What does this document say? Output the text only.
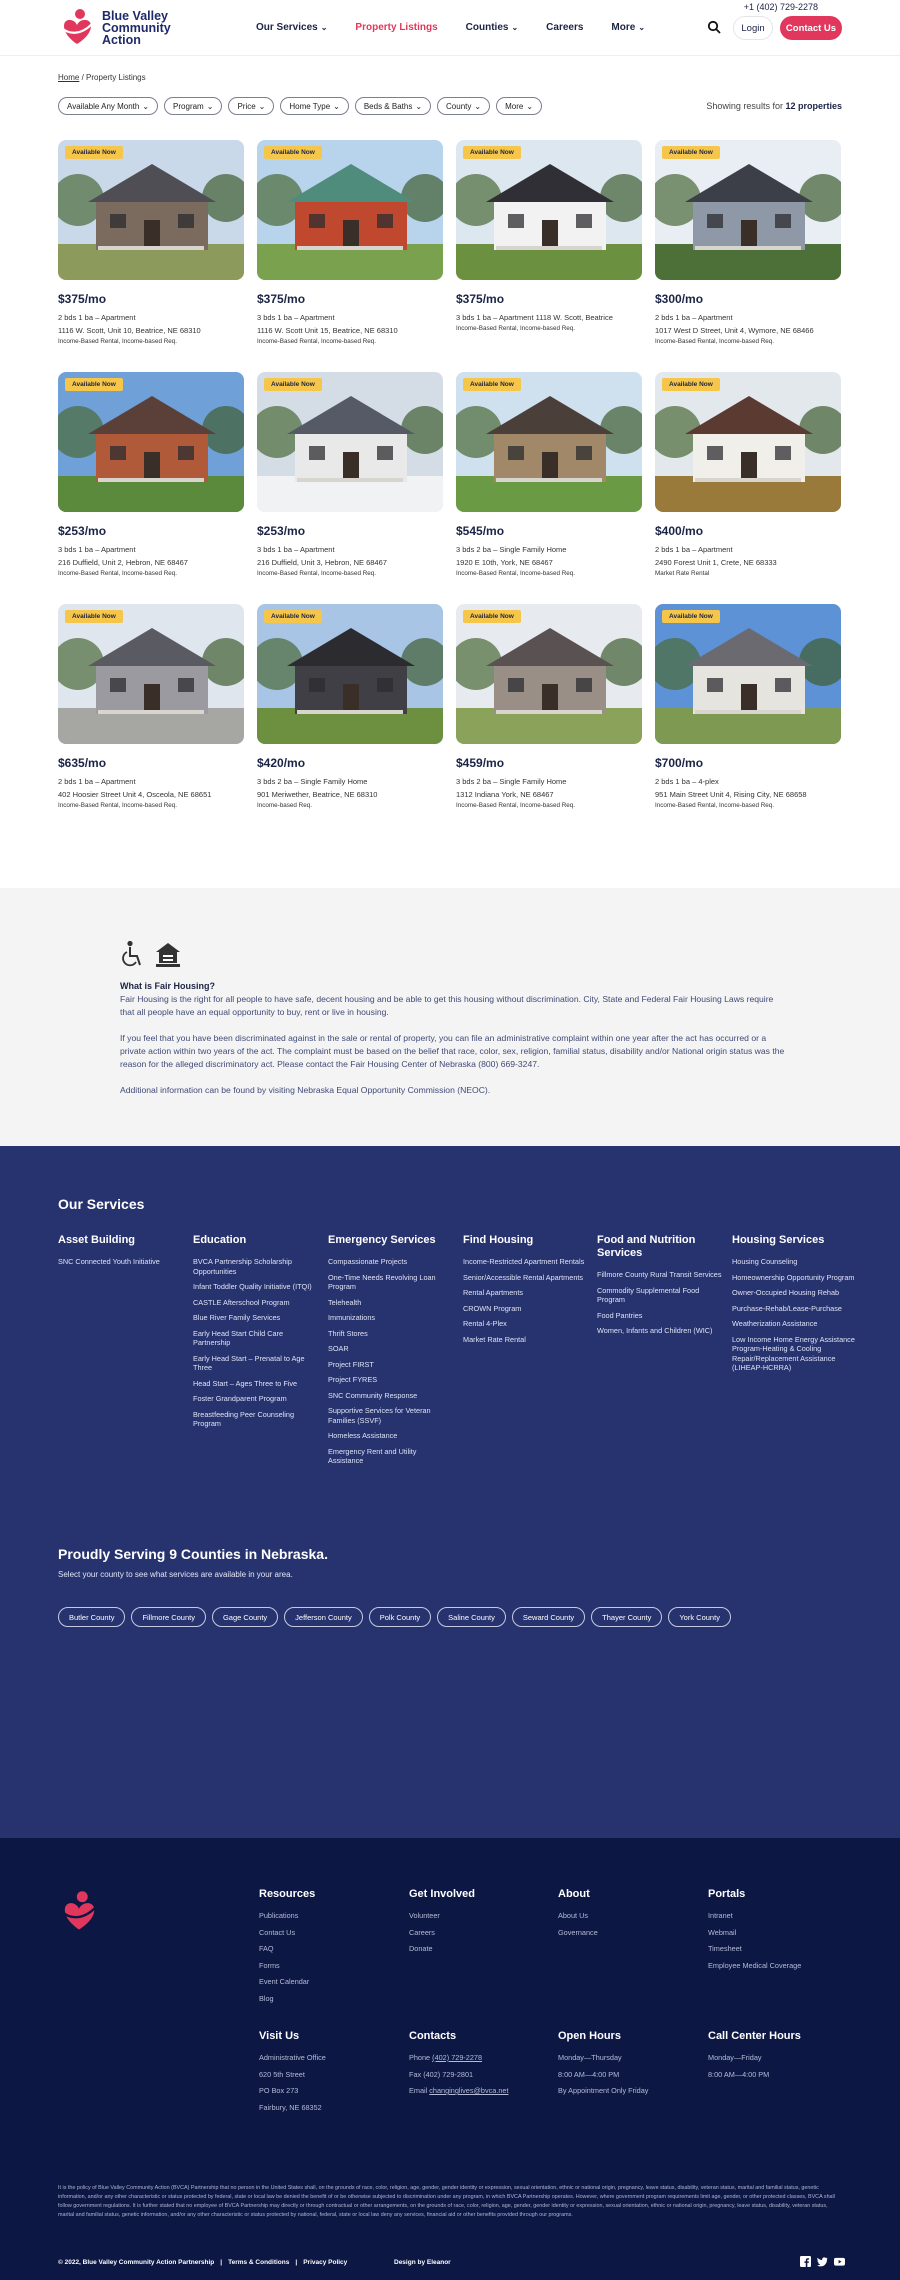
Blue Valley
Community
Action
Our Services ⌄	Property Listings	Counties ⌄	Careers	More ⌄
+1 (402) 729-2278
Login	Contact Us
Home / Property Listings
Available Any Month ⌄	Program ⌄	Price ⌄	Home Type ⌄	Beds & Baths ⌄	County ⌄	More ⌄	Showing results for 12 properties
Available Now
$375/mo
2 bds 1 ba – Apartment
1116 W. Scott, Unit 10, Beatrice, NE 68310
Income-Based Rental, Income-based Req.
Available Now
$375/mo
3 bds 1 ba – Apartment
1116 W. Scott Unit 15, Beatrice, NE 68310
Income-Based Rental, Income-based Req.
Available Now
$375/mo
3 bds 1 ba – Apartment 1118 W. Scott, Beatrice
Income-Based Rental, Income-based Req.
Available Now
$300/mo
2 bds 1 ba – Apartment
1017 West D Street, Unit 4, Wymore, NE 68466
Income-Based Rental, Income-based Req.
Available Now
$253/mo
3 bds 1 ba – Apartment
216 Duffield, Unit 2, Hebron, NE 68467
Income-Based Rental, Income-based Req.
Available Now
$253/mo
3 bds 1 ba – Apartment
216 Duffield, Unit 3, Hebron, NE 68467
Income-Based Rental, Income-based Req.
Available Now
$545/mo
3 bds 2 ba – Single Family Home
1920 E 10th, York, NE 68467
Income-Based Rental, Income-based Req.
Available Now
$400/mo
2 bds 1 ba – Apartment
2490 Forest Unit 1, Crete, NE 68333
Market Rate Rental
Available Now
$635/mo
2 bds 1 ba – Apartment
402 Hoosier Street Unit 4, Osceola, NE 68651
Income-Based Rental, Income-based Req.
Available Now
$420/mo
3 bds 2 ba – Single Family Home
901 Meriwether, Beatrice, NE 68310
Income-based Req.
Available Now
$459/mo
3 bds 2 ba – Single Family Home
1312 Indiana York, NE 68467
Income-Based Rental, Income-based Req.
Available Now
$700/mo
2 bds 1 ba – 4-plex
951 Main Street Unit 4, Rising City, NE 68658
Income-Based Rental, Income-based Req.
What is Fair Housing?
Fair Housing is the right for all people to have safe, decent housing and be able to get this housing without discrimination. City, State and Federal Fair Housing Laws require that all people have an equal opportunity to buy, rent or live in housing.
If you feel that you have been discriminated against in the sale or rental of property, you can file an administrative complaint within one year after the act has occurred or a private action within two years of the act. The complaint must be based on the belief that race, color, sex, religion, familial status, disability and/or National origin status was the reason for the alleged discriminatory act. Please contact the Fair Housing Center of Nebraska (800) 669-3247.
Additional information can be found by visiting Nebraska Equal Opportunity Commission (NEOC).
Our Services
Asset Building
SNC Connected Youth Initiative
Education
BVCA Partnership Scholarship Opportunities
Infant Toddler Quality Initiative (ITQI)
CASTLE Afterschool Program
Blue River Family Services
Early Head Start Child Care Partnership
Early Head Start – Prenatal to Age Three
Head Start – Ages Three to Five
Foster Grandparent Program
Breastfeeding Peer Counseling Program
Emergency Services
Compassionate Projects
One-Time Needs Revolving Loan Program
Telehealth
Immunizations
Thrift Stores
SOAR
Project FIRST
Project FYRES
SNC Community Response
Supportive Services for Veteran Families (SSVF)
Homeless Assistance
Emergency Rent and Utility Assistance
Find Housing
Income-Restricted Apartment Rentals
Senior/Accessible Rental Apartments
Rental Apartments
CROWN Program
Rental 4-Plex
Market Rate Rental
Food and Nutrition Services
Fillmore County Rural Transit Services
Commodity Supplemental Food Program
Food Pantries
Women, Infants and Children (WIC)
Housing Services
Housing Counseling
Homeownership Opportunity Program
Owner-Occupied Housing Rehab
Purchase-Rehab/Lease-Purchase
Weatherization Assistance
Low Income Home Energy Assistance Program-Heating & Cooling Repair/Replacement Assistance (LIHEAP-HCRRA)
Proudly Serving 9 Counties in Nebraska.
Select your county to see what services are available in your area.
Butler County	Fillmore County	Gage County	Jefferson County	Polk County	Saline County	Seward County	Thayer County	York County
Resources
Publications
Contact Us
FAQ
Forms
Event Calendar
Blog
Get Involved
Volunteer
Careers
Donate
About
About Us
Governance
Portals
Intranet
Webmail
Timesheet
Employee Medical Coverage
Visit Us
Administrative Office
620 5th Street
PO Box 273
Fairbury, NE 68352
Contacts
Phone (402) 729-2278
Fax (402) 729-2801
Email changinglives@bvca.net
Open Hours
Monday—Thursday
8:00 AM—4:00 PM
By Appointment Only Friday
Call Center Hours
Monday—Friday
8:00 AM—4:00 PM
It is the policy of Blue Valley Community Action (BVCA) Partnership that no person in the United States shall, on the grounds of race, color, religion, age, gender, gender identity or expression, sexual orientation, ethnic or national origin, pregnancy, leave status, disability, veteran status, marital and familial status, genetic information, and/or any other characteristic or status protected by federal, state or local law be denied the benefit of or be otherwise subjected to discrimination under any program, in which BVCA Partnership operates. However, where government program requirements limit age, gender, or other protected classes, BVCA shall follow government regulations. It is further stated that no employee of BVCA Partnership may directly or through contractual or other arrangements, on the grounds of race, color, religion, age, gender, gender identity or expression, sexual orientation, ethnic or national origin, pregnancy, leave status, disability, veteran status, marital and familial status, genetic information, and/or any other characteristic or status protected by national, federal, state or local law deny any services, financial aid or other benefits provided through our programs.
© 2022, Blue Valley Community Action Partnership | Terms & Conditions | Privacy Policy	Design by Eleanor
